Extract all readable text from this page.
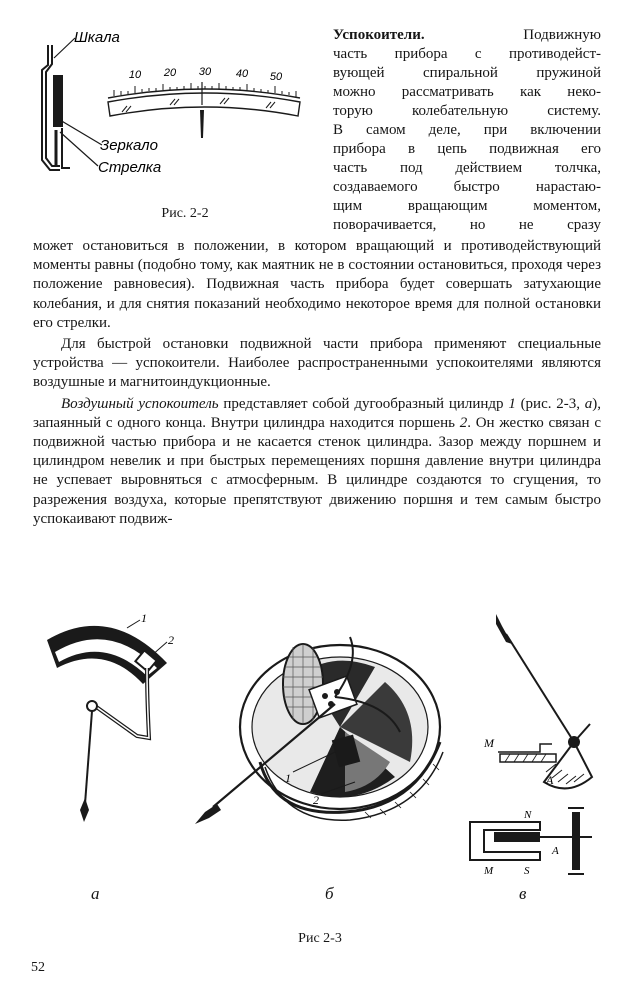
Шкала
Зеркало
Стрелка
10 20 30 40 50
Рис. 2-2

Успокоители.	Подвижную

часть прибора с противодейст-

вующей спиральной пружиной

можно рассматривать как неко-

торую колебательную систему.

В самом деле, при включении

прибора в цепь подвижная его

часть под действием толчка,

создаваемого быстро нарастаю-

щим вращающим моментом,

поворачивается, но не сразу

может остановиться в положении, в котором вращающий и противодействующий моменты равны (подобно тому, как маятник не в состоянии остановиться, проходя через положение равновесия). Подвижная часть прибора будет совершать затухающие колебания, и для снятия показаний необходимо некоторое время для полной остановки его стрелки.

Для быстрой остановки подвижной части прибора применяют специальные устройства — успокоители. Наиболее распространенными успокоителями являются воздушные и магнитоиндукционные.

Воздушный успокоитель представляет собой дугообразный цилиндр 1 (рис. 2-3, а), запаянный с одного конца. Внутри цилиндра находится поршень 2. Он жестко связан с подвижной частью прибора и не касается стенок цилиндра. Зазор между поршнем и цилиндром невелик и при быстрых перемещениях поршня давление внутри цилиндра не успевает выровняться с атмосферным. В цилиндре создаются то сгущения, то разрежения воздуха, которые препятствуют движению поршня и тем самым быстро успокаивают подвиж-

1
2
а
1
2
б
M
A
N
M	S
A
в
Рис 2-3
52
